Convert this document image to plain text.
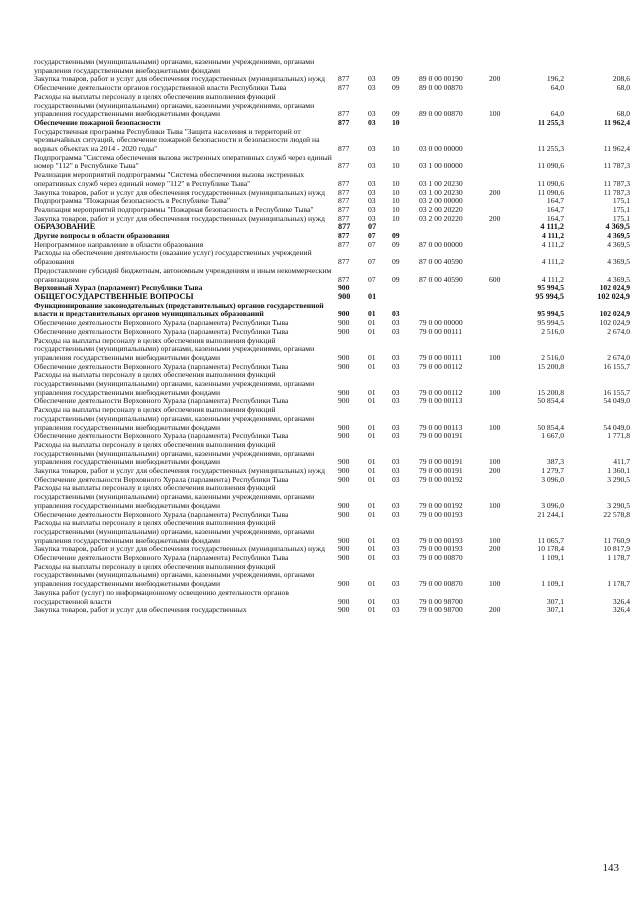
государственными (муниципальными) органами, казенными учреждениями, органами управления государственными внебюджетными фондами
Закупка товаров, работ и услуг для обеспечения государственных (муниципальных) нужд	877 03 09	89 0 00 00190	200	196,2	208,6
Обеспечение деятельности органов государственной власти Республики Тыва	877 03 09	89 0 00 00870	64,0	68,0
Расходы на выплаты персоналу в целях обеспечения выполнения функций государственными (муниципальными) органами, казенными учреждениями, органами управления государственными внебюджетными фондами	877 03 09	89 0 00 00870	100	64,0	68,0
Обеспечение пожарной безопасности	877 03 10	11 255,3	11 962,4
Государственная программа Республики Тыва "Защита населения и территорий от чрезвычайных ситуаций, обеспечение пожарной безопасности и безопасности людей на водных объектах на 2014 - 2020 годы"	877 03 10	03 0 00 00000	11 255,3	11 962,4
Подпрограмма "Система обеспечения вызова экстренных оперативных служб через единый номер "112" в Республике Тыва"	877 03 10	03 1 00 00000	11 090,6	11 787,3
Реализация мероприятий подпрограммы "Система обеспечения вызова экстренных оперативных служб через единый номер "112" в Республике Тыва"	877 03 10	03 1 00 20230	11 090,6	11 787,3
Закупка товаров, работ и услуг для обеспечения государственных (муниципальных) нужд	877 03 10	03 1 00 20230	200	11 090,6	11 787,3
Подпрограмма "Пожарная безопасность в Республике Тыва"	877 03 10	03 2 00 00000	164,7	175,1
Реализация мероприятий подпрограммы "Пожарная безопасность в Республике Тыва"	877 03 10	03 2 00 20220	164,7	175,1
Закупка товаров, работ и услуг для обеспечения государственных (муниципальных) нужд	877 03 10	03 2 00 20220	200	164,7	175,1
ОБРАЗОВАНИЕ	877 07	4 111,2	4 369,5
Другие вопросы в области образования	877 07 09	4 111,2	4 369,5
Непрограммное направление в области образования	877 07 09	87 0 00 00000	4 111,2	4 369,5
Расходы на обеспечение деятельности (оказание услуг) государственных учреждений образования	877 07 09	87 0 00 40590	4 111,2	4 369,5
Предоставление субсидий бюджетным, автономным учреждениям и иным некоммерческим организациям	877 07 09	87 0 00 40590	600	4 111,2	4 369,5
Верховный Хурал (парламент) Республики Тыва	900	95 994,5	102 024,9
ОБЩЕГОСУДАРСТВЕННЫЕ ВОПРОСЫ	900 01	95 994,5	102 024,9
Функционирование законодательных (представительных) органов государственной власти и представительных органов муниципальных образований	900 01 03	95 994,5	102 024,9
Обеспечение деятельности Верховного Хурала (парламента) Республики Тыва	900 01 03	79 0 00 00000	95 994,5	102 024,9
Обеспечение деятельности Верховного Хурала (парламента) Республики Тыва	900 01 03	79 0 00 00111	2 516,0	2 674,0
Расходы на выплаты персоналу в целях обеспечения выполнения функций государственными (муниципальными) органами, казенными учреждениями, органами управления государственными внебюджетными фондами	900 01 03	79 0 00 00111	100	2 516,0	2 674,0
Обеспечение деятельности Верховного Хурала (парламента) Республики Тыва	900 01 03	79 0 00 00112	15 200,8	16 155,7
Расходы на выплаты персоналу в целях обеспечения выполнения функций государственными (муниципальными) органами, казенными учреждениями, органами управления государственными внебюджетными фондами	900 01 03	79 0 00 00112	100	15 200,8	16 155,7
Обеспечение деятельности Верховного Хурала (парламента) Республики Тыва	900 01 03	79 0 00 00113	50 854,4	54 049,0
Расходы на выплаты персоналу в целях обеспечения выполнения функций государственными (муниципальными) органами, казенными учреждениями, органами управления государственными внебюджетными фондами	900 01 03	79 0 00 00113	100	50 854,4	54 049,0
Обеспечение деятельности Верховного Хурала (парламента) Республики Тыва	900 01 03	79 0 00 00191	1 667,0	1 771,8
Расходы на выплаты персоналу в целях обеспечения выполнения функций государственными (муниципальными) органами, казенными учреждениями, органами управления государственными внебюджетными фондами	900 01 03	79 0 00 00191	100	387,3	411,7
Закупка товаров, работ и услуг для обеспечения государственных (муниципальных) нужд	900 01 03	79 0 00 00191	200	1 279,7	1 360,1
Обеспечение деятельности Верховного Хурала (парламента) Республики Тыва	900 01 03	79 0 00 00192	3 096,0	3 290,5
Расходы на выплаты персоналу в целях обеспечения выполнения функций государственными (муниципальными) органами, казенными учреждениями, органами управления государственными внебюджетными фондами	900 01 03	79 0 00 00192	100	3 096,0	3 290,5
Обеспечение деятельности Верховного Хурала (парламента) Республики Тыва	900 01 03	79 0 00 00193	21 244,1	22 578,8
Расходы на выплаты персоналу в целях обеспечения выполнения функций государственными (муниципальными) органами, казенными учреждениями, органами управления государственными внебюджетными фондами	900 01 03	79 0 00 00193	100	11 065,7	11 760,9
Закупка товаров, работ и услуг для обеспечения государственных (муниципальных) нужд	900 01 03	79 0 00 00193	200	10 178,4	10 817,9
Обеспечение деятельности Верховного Хурала (парламента) Республики Тыва	900 01 03	79 0 00 00870	1 109,1	1 178,7
Расходы на выплаты персоналу в целях обеспечения выполнения функций государственными (муниципальными) органами, казенными учреждениями, органами управления государственными внебюджетными фондами	900 01 03	79 0 00 00870	100	1 109,1	1 178,7
Закупка работ (услуг) по информационному освещению деятельности органов государственной власти	900 01 03	79 0 00 98700	307,1	326,4
Закупка товаров, работ и услуг для обеспечения государственных	900 01 03	79 0 00 98700	200	307,1	326,4
143
